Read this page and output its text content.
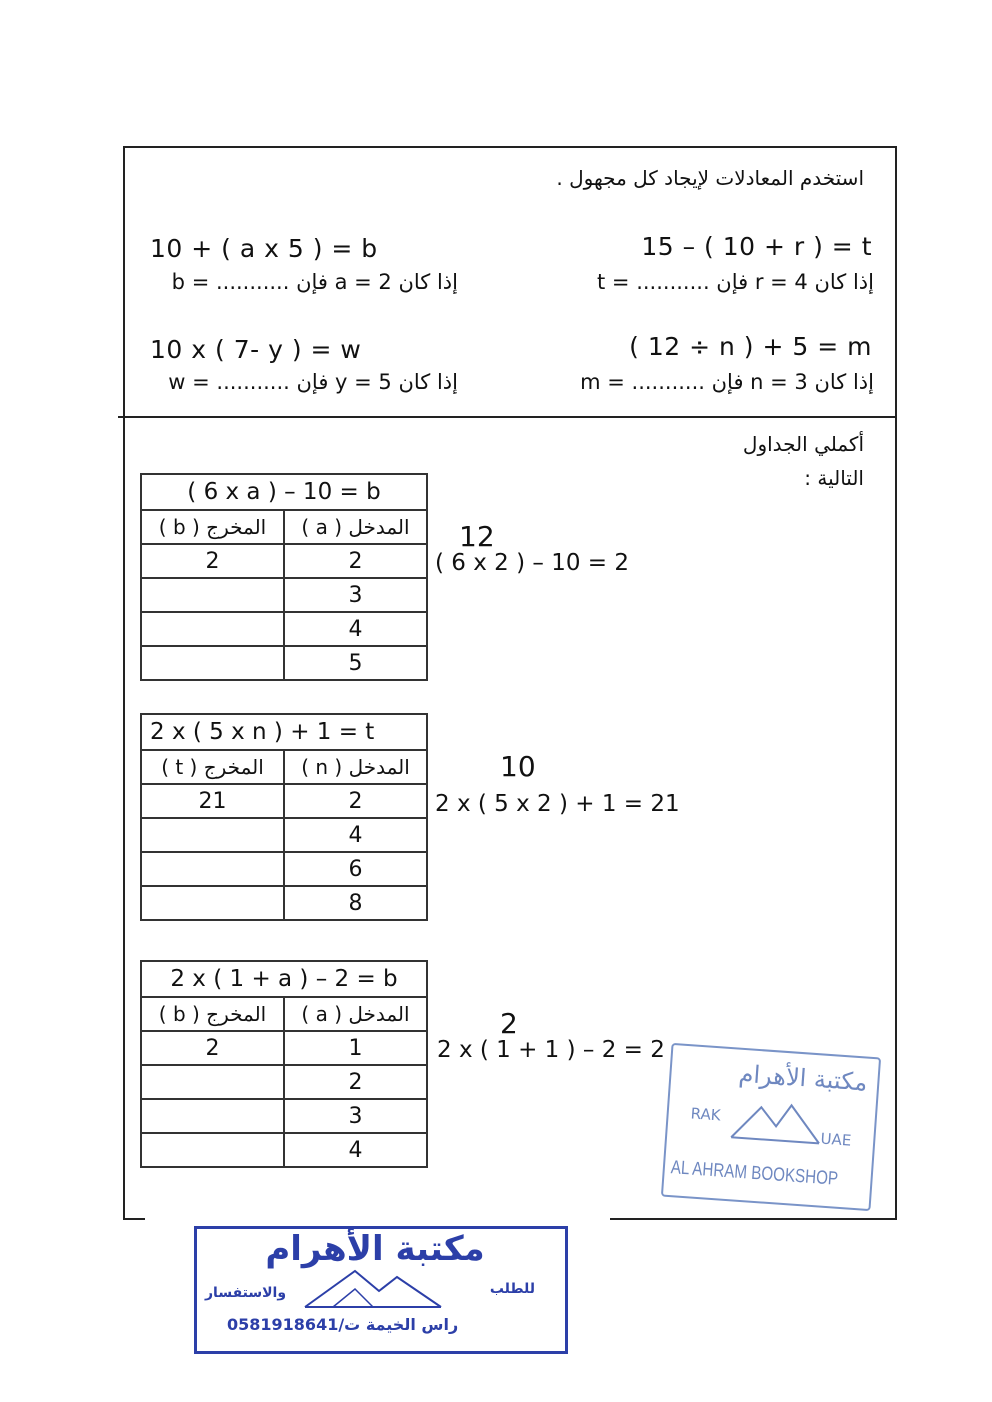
استخدم المعادلات لإيجاد كل مجهول .
15 – ( 10 + r ) = t
إذا كان r = 4 فإن ........... = t
10 + ( a x 5 ) = b
إذا كان a = 2 فإن ........... = b
( 12 ÷ n ) + 5 = m
إذا كان n = 3 فإن ........... = m
10 x ( 7- y ) = w
إذا كان y = 5 فإن ........... = w
أكملي الجداول
التالية :
( 6 x a ) – 10 = b	
المخرج ( b )	المدخل ( a )
2	2
	3
	4
	5
12
( 6 x 2 ) – 10 = 2
2 x ( 5 x n ) + 1 = t	
المخرج ( t )	المدخل ( n )
21	2
	4
	6
	8
10
2 x ( 5 x 2 ) + 1 = 21
2 x ( 1 + a ) – 2 = b	
المخرج ( b )	المدخل ( a )
2	1
	2
	3
	4
2
2 x ( 1 + 1 ) – 2 = 2
مكتبة الأهرام
RAK
UAE
AL AHRAM BOOKSHOP
مكتبة الأهرام
للطلب
والاستفسار
راس الخيمة ت/0581918641
